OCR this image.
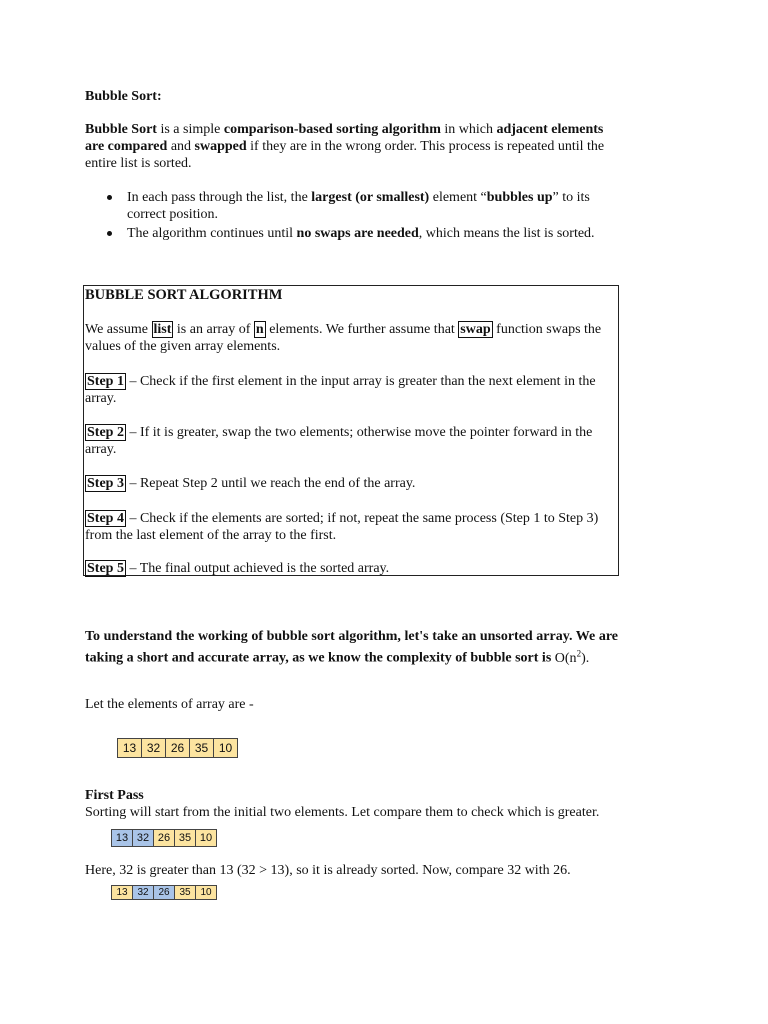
Bubble Sort:

Bubble Sort is a simple comparison-based sorting algorithm in which adjacent elements are compared and swapped if they are in the wrong order. This process is repeated until the entire list is sorted.

In each pass through the list, the largest (or smallest) element “bubbles up” to its correct position.
The algorithm continues until no swaps are needed, which means the list is sorted.

BUBBLE SORT ALGORITHM

We assume list is an array of n elements. We further assume that swap function swaps the values of the given array elements.

Step 1 – Check if the first element in the input array is greater than the next element in the array.

Step 2 – If it is greater, swap the two elements; otherwise move the pointer forward in the array.

Step 3 – Repeat Step 2 until we reach the end of the array.

Step 4 – Check if the elements are sorted; if not, repeat the same process (Step 1 to Step 3) from the last element of the array to the first.

Step 5 – The final output achieved is the sorted array.

To understand the working of bubble sort algorithm, let's take an unsorted array. We are taking a short and accurate array, as we know the complexity of bubble sort is $O(n^2)$.

Let the elements of array are -

13 32 26 35 10

First Pass

Sorting will start from the initial two elements. Let compare them to check which is greater.

13 32 26 35 10

Here, 32 is greater than 13 (32 > 13), so it is already sorted. Now, compare 32 with 26.

13 32 26 35 10
